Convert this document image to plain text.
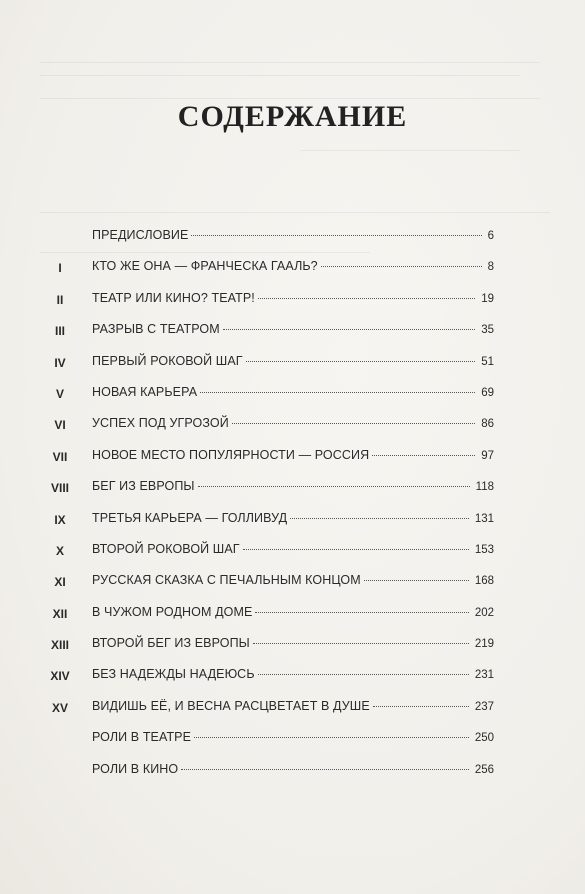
СОДЕРЖАНИЕ
ПРЕДИСЛОВИЕ	6
I	КТО ЖЕ ОНА — ФРАНЧЕСКА ГААЛЬ?	8
II	ТЕАТР ИЛИ КИНО? ТЕАТР!	19
III	РАЗРЫВ С ТЕАТРОМ	35
IV	ПЕРВЫЙ РОКОВОЙ ШАГ	51
V	НОВАЯ КАРЬЕРА	69
VI	УСПЕХ ПОД УГРОЗОЙ	86
VII	НОВОЕ МЕСТО ПОПУЛЯРНОСТИ — РОССИЯ	97
VIII	БЕГ ИЗ ЕВРОПЫ	118
IX	ТРЕТЬЯ КАРЬЕРА — ГОЛЛИВУД	131
X	ВТОРОЙ РОКОВОЙ ШАГ	153
XI	РУССКАЯ СКАЗКА С ПЕЧАЛЬНЫМ КОНЦОМ	168
XII	В ЧУЖОМ РОДНОМ ДОМЕ	202
XIII	ВТОРОЙ БЕГ ИЗ ЕВРОПЫ	219
XIV	БЕЗ НАДЕЖДЫ НАДЕЮСЬ	231
XV	ВИДИШЬ ЕЁ, И ВЕСНА РАСЦВЕТАЕТ В ДУШЕ	237
РОЛИ В ТЕАТРЕ	250
РОЛИ В КИНО	256
